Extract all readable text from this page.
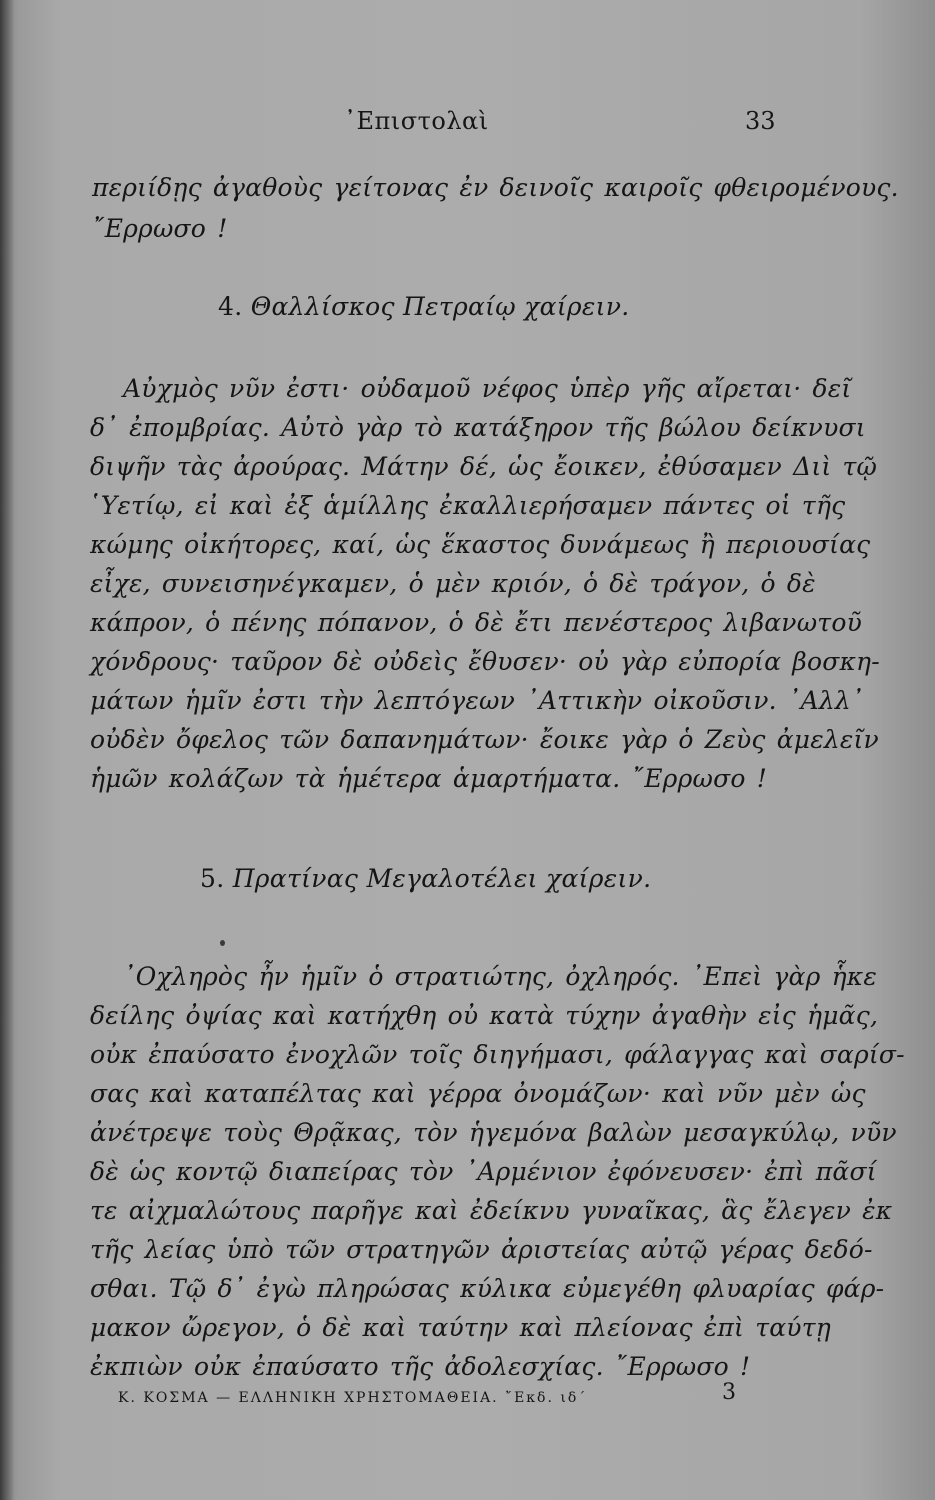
᾿Επιστολαὶ	33
περιίδῃς ἀγαθοὺς γείτονας ἐν δεινοῖς καιροῖς φθειρομένους.
῎Ερρωσο !
4. Θαλλίσκος Πετραίῳ χαίρειν.
Αὐχμὸς νῦν ἐστι· οὐδαμοῦ νέφος ὑπὲρ γῆς αἴρεται· δεῖ
δ᾿ ἐπομβρίας. Αὐτὸ γὰρ τὸ κατάξηρον τῆς βώλου δείκνυσι
διψῆν τὰς ἀρούρας. Μάτην δέ, ὡς ἔοικεν, ἐθύσαμεν Διὶ τῷ
῾Υετίῳ, εἰ καὶ ἐξ ἁμίλλης ἐκαλλιερήσαμεν πάντες οἱ τῆς
κώμης οἰκήτορες, καί, ὡς ἕκαστος δυνάμεως ἢ περιουσίας
εἶχε, συνεισηνέγκαμεν, ὁ μὲν κριόν, ὁ δὲ τράγον, ὁ δὲ
κάπρον, ὁ πένης πόπανον, ὁ δὲ ἔτι πενέστερος λιβανωτοῦ
χόνδρους· ταῦρον δὲ οὐδεὶς ἔθυσεν· οὐ γὰρ εὐπορία βοσκη-
μάτων ἡμῖν ἐστι τὴν λεπτόγεων ᾿Αττικὴν οἰκοῦσιν. ᾿Αλλ᾿
οὐδὲν ὄφελος τῶν δαπανημάτων· ἔοικε γὰρ ὁ Ζεὺς ἀμελεῖν
ἡμῶν κολάζων τὰ ἡμέτερα ἁμαρτήματα. ῎Ερρωσο !
5. Πρατίνας Μεγαλοτέλει χαίρειν.
᾿Οχληρὸς ἦν ἡμῖν ὁ στρατιώτης, ὀχληρός. ᾿Επεὶ γὰρ ἧκε
δείλης ὀψίας καὶ κατήχθη οὐ κατὰ τύχην ἀγαθὴν εἰς ἡμᾶς,
οὐκ ἐπαύσατο ἐνοχλῶν τοῖς διηγήμασι, φάλαγγας καὶ σαρίσ-
σας καὶ καταπέλτας καὶ γέρρα ὀνομάζων· καὶ νῦν μὲν ὡς
ἀνέτρεψε τοὺς Θρᾷκας, τὸν ἡγεμόνα βαλὼν μεσαγκύλῳ, νῦν
δὲ ὡς κοντῷ διαπείρας τὸν ᾿Αρμένιον ἐφόνευσεν· ἐπὶ πᾶσί
τε αἰχμαλώτους παρῆγε καὶ ἐδείκνυ γυναῖκας, ἃς ἔλεγεν ἐκ
τῆς λείας ὑπὸ τῶν στρατηγῶν ἀριστείας αὐτῷ γέρας δεδό-
σθαι. Τῷ δ᾿ ἐγὼ πληρώσας κύλικα εὐμεγέθη φλυαρίας φάρ-
μακον ὤρεγον, ὁ δὲ καὶ ταύτην καὶ πλείονας ἐπὶ ταύτῃ
ἐκπιὼν οὐκ ἐπαύσατο τῆς ἀδολεσχίας. ῎Ερρωσο !
Κ. ΚΟΣΜΑ — ΕΛΛΗΝΙΚΗ ΧΡΗΣΤΟΜΑΘΕΙΑ. ῎Εκδ. ιδ´	3
